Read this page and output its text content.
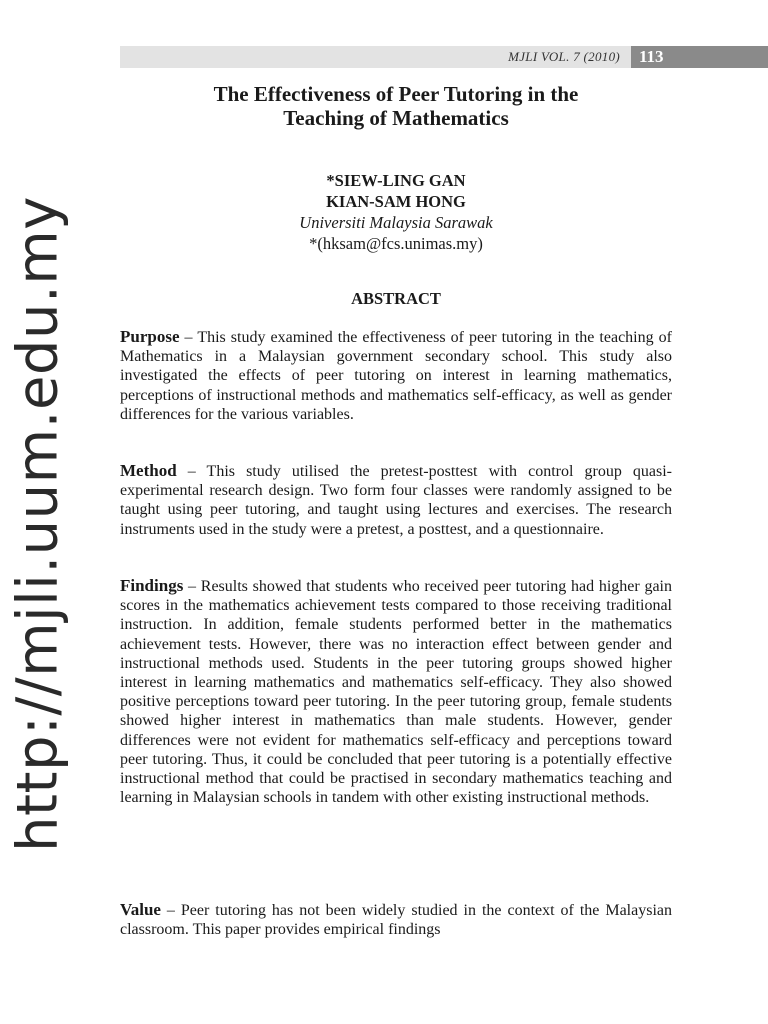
MJLI VOL. 7 (2010) 113
http://mjli.uum.edu.my
The Effectiveness of Peer Tutoring in the
Teaching of Mathematics
*SIEW-LING GAN
KIAN-SAM HONG
Universiti Malaysia Sarawak
*(hksam@fcs.unimas.my)
ABSTRACT
Purpose – This study examined the effectiveness of peer tutoring in the teaching of Mathematics in a Malaysian government secondary school. This study also investigated the effects of peer tutoring on interest in learning mathematics, perceptions of instructional methods and mathematics self-efficacy, as well as gender differences for the various variables.
Method – This study utilised the pretest-posttest with control group quasi-experimental research design. Two form four classes were randomly assigned to be taught using peer tutoring, and taught using lectures and exercises. The research instruments used in the study were a pretest, a posttest, and a questionnaire.
Findings – Results showed that students who received peer tutoring had higher gain scores in the mathematics achievement tests compared to those receiving traditional instruction. In addition, female students performed better in the mathematics achievement tests. However, there was no interaction effect between gender and instructional methods used. Students in the peer tutoring groups showed higher interest in learning mathematics and mathematics self-efficacy. They also showed positive perceptions toward peer tutoring. In the peer tutoring group, female students showed higher interest in mathematics than male students. However, gender differences were not evident for mathematics self-efficacy and perceptions toward peer tutoring. Thus, it could be concluded that peer tutoring is a potentially effective instructional method that could be practised in secondary mathematics teaching and learning in Malaysian schools in tandem with other existing instructional methods.
Value – Peer tutoring has not been widely studied in the context of the Malaysian classroom. This paper provides empirical findings
